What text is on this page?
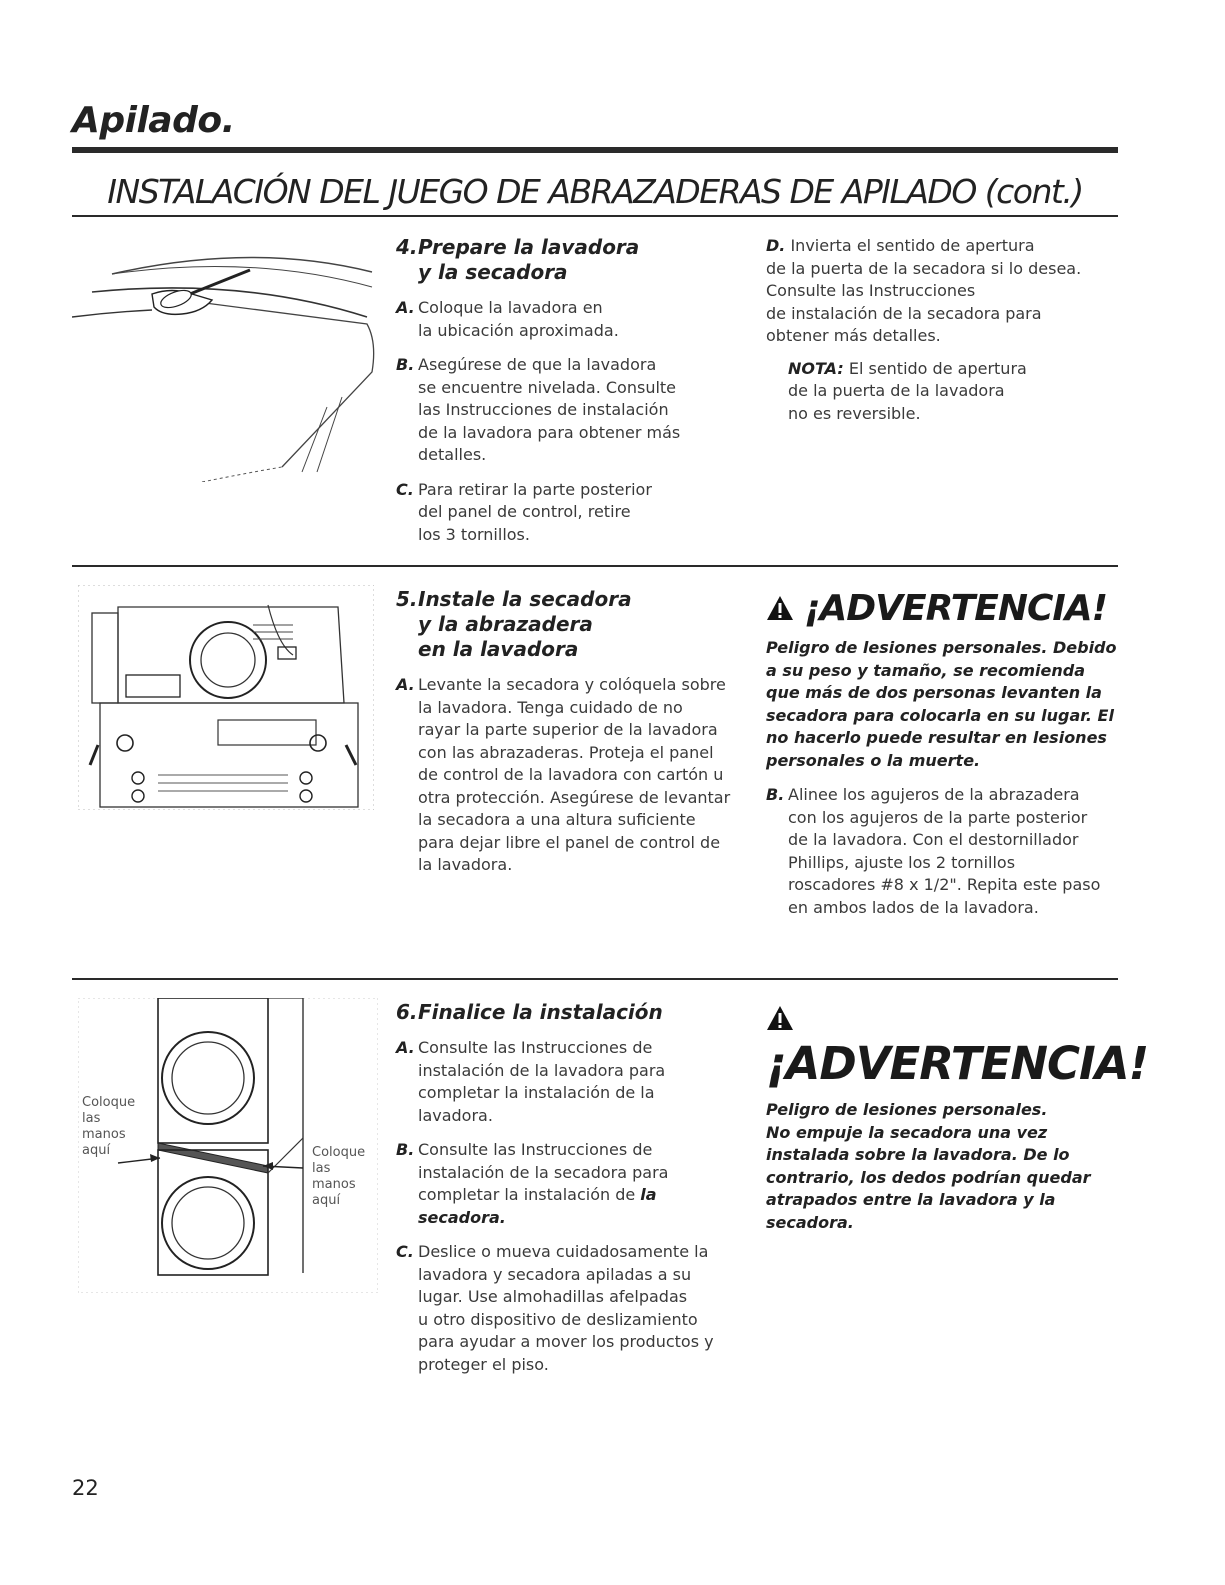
Apilado.
INSTALACIÓN DEL JUEGO DE ABRAZADERAS DE APILADO (cont.)
4. Prepare la lavadora
y la secadora
A. Coloque la lavadora en
la ubicación aproximada.
B. Asegúrese de que la lavadora
se encuentre nivelada. Consulte
las Instrucciones de instalación
de la lavadora para obtener más
detalles.
C. Para retirar la parte posterior
del panel de control, retire
los 3 tornillos.

D. Invierta el sentido de apertura
de la puerta de la secadora si lo desea.
Consulte las Instrucciones
de instalación de la secadora para
obtener más detalles.

NOTA: El sentido de apertura
de la puerta de la lavadora
no es reversible.
5. Instale la secadora
y la abrazadera
en la lavadora
A. Levante la secadora y colóquela sobre
la lavadora. Tenga cuidado de no
rayar la parte superior de la lavadora
con las abrazaderas. Proteja el panel
de control de la lavadora con cartón u
otra protección. Asegúrese de levantar
la secadora a una altura suficiente
para dejar libre el panel de control de
la lavadora.
¡ADVERTENCIA!
Peligro de lesiones personales. Debido
a su peso y tamaño, se recomienda
que más de dos personas levanten la
secadora para colocarla en su lugar. El
no hacerlo puede resultar en lesiones
personales o la muerte.
B. Alinee los agujeros de la abrazadera
con los agujeros de la parte posterior
de la lavadora. Con el destornillador
Phillips, ajuste los 2 tornillos
roscadores #8 x 1/2". Repita este paso
en ambos lados de la lavadora.
Coloque
las
manos
aquí	Coloque
las
manos
aquí
6. Finalice la instalación
A. Consulte las Instrucciones de
instalación de la lavadora para
completar la instalación de la
lavadora.
B. Consulte las Instrucciones de
instalación de la secadora para
completar la instalación de la
secadora.
C. Deslice o mueva cuidadosamente la
lavadora y secadora apiladas a su
lugar. Use almohadillas afelpadas
u otro dispositivo de deslizamiento
para ayudar a mover los productos y
proteger el piso.
¡ADVERTENCIA!
Peligro de lesiones personales.
No empuje la secadora una vez
instalada sobre la lavadora. De lo
contrario, los dedos podrían quedar
atrapados entre la lavadora y la
secadora.
22
